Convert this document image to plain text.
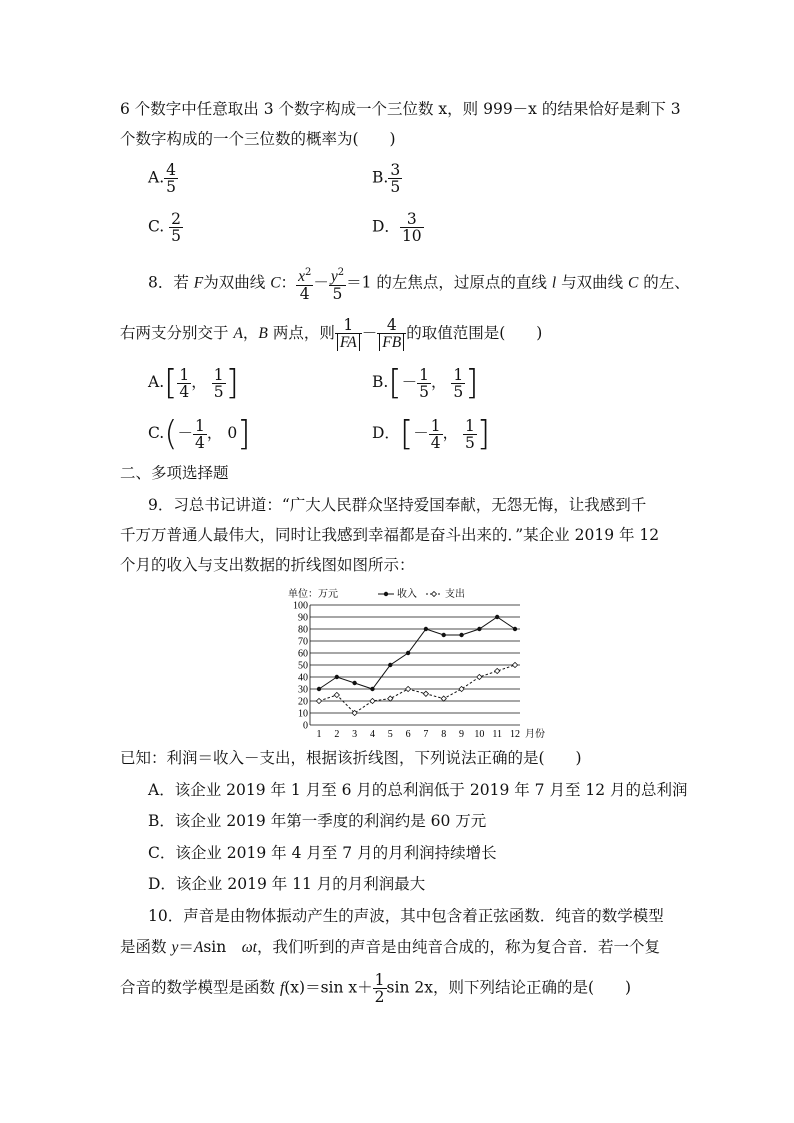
6 个数字中任意取出 3 个数字构成一个三位数 x，则 999－x 的结果恰好是剩下 3
个数字构成的一个三位数的概率为(　　)
A. $\frac{4}{5}$	B. $\frac{3}{5}$
C. $\frac{2}{5}$	D． $\frac{3}{10}$
8．若 F为双曲线 C： $\frac{x^2}{4} - \frac{y^2}{5} =1$ 的左焦点，过原点的直线 l 与双曲线 C 的左、
右两支分别交于 A，B 两点，则 $\frac{1}{FA} - \frac{4}{FB}$ 的取值范围是(　　)
$A.[ \frac{1}{4}$ ， $\frac{1}{5}$ ]	$B.[- \frac{1}{5}$ ， $\frac{1}{5}$ ]
$C.(- \frac{1}{4}$ ， 0]	D．[－ $\frac{1}{4}$ ， $\frac{1}{5}$ ]
二、多项选择题
9．习总书记讲道：“广大人民群众坚持爱国奉献，无怨无悔，让我感到千
千万万普通人最伟大，同时让我感到幸福都是奋斗出来的．”某企业 2019 年 12
个月的收入与支出数据的折线图如图所示：
1 2 3 4 5 6 7 8 9 10 11 12
0
10
20
30
40
50
60
70
80
90
100
单位：万元	收入	支出
月份
已知：利润＝收入－支出，根据该折线图，下列说法正确的是(　　)
A．该企业 2019 年 1 月至 6 月的总利润低于 2019 年 7 月至 12 月的总利润
B．该企业 2019 年第一季度的利润约是 60 万元
C．该企业 2019 年 4 月至 7 月的月利润持续增长
D．该企业 2019 年 11 月的月利润最大
10．声音是由物体振动产生的声波，其中包含着正弦函数．纯音的数学模型
是函数 y＝Asin　ωt，我们听到的声音是由纯音合成的，称为复合音．若一个复
合音的数学模型是函数 f(x)＝sin $x+ \frac{1}{2}$ sin 2x，则下列结论正确的是(　　)
